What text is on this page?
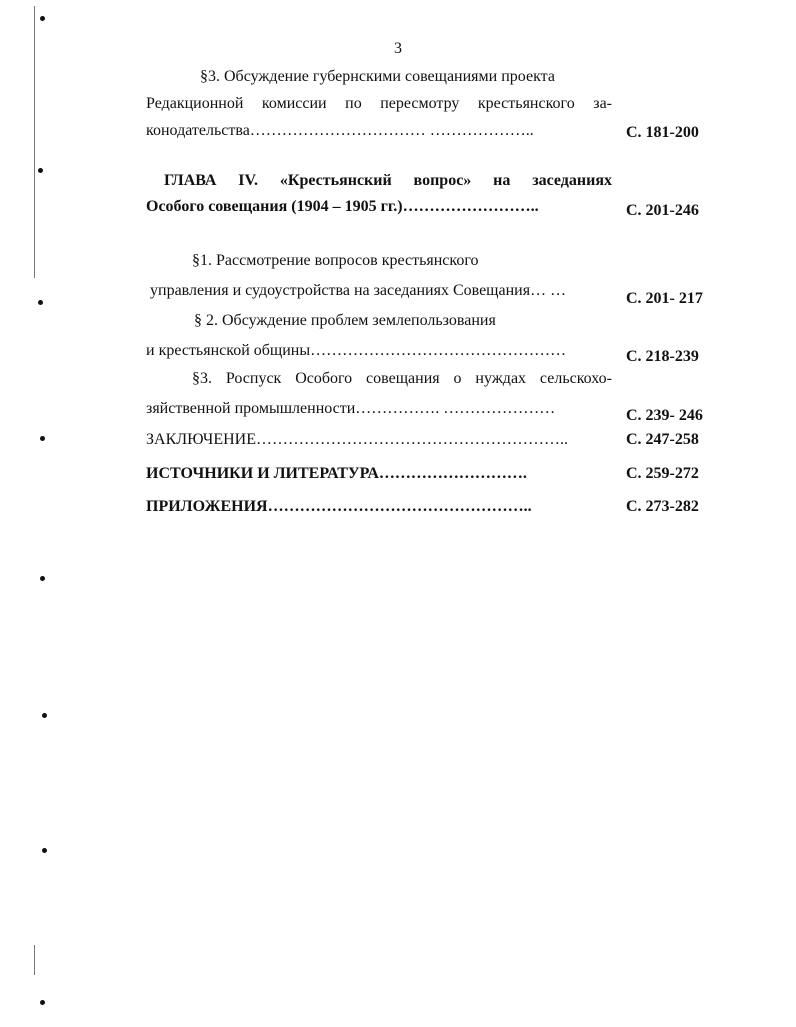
3
§3. Обсуждение губернскими совещаниями проекта
Редакционной комиссии по пересмотру крестьянского за-
конодательства…………………………… ………………..	С. 181-200
ГЛАВА IV. «Крестьянский вопрос» на заседаниях
Особого совещания (1904 – 1905 гг.)……………………..	С. 201-246
§1. Рассмотрение вопросов крестьянского
управления и судоустройства на заседаниях Совещания… …	С. 201- 217
§ 2. Обсуждение проблем землепользования
и крестьянской общины…………………………………………	С. 218-239
§3. Роспуск Особого совещания о нуждах сельскохо-
зяйственной промышленности……………. …………………	С. 239- 246
ЗАКЛЮЧЕНИЕ…………………………………………………..	С. 247-258
ИСТОЧНИКИ И ЛИТЕРАТУРА……………………….	С. 259-272
ПРИЛОЖЕНИЯ…………………………………………..	С. 273-282
